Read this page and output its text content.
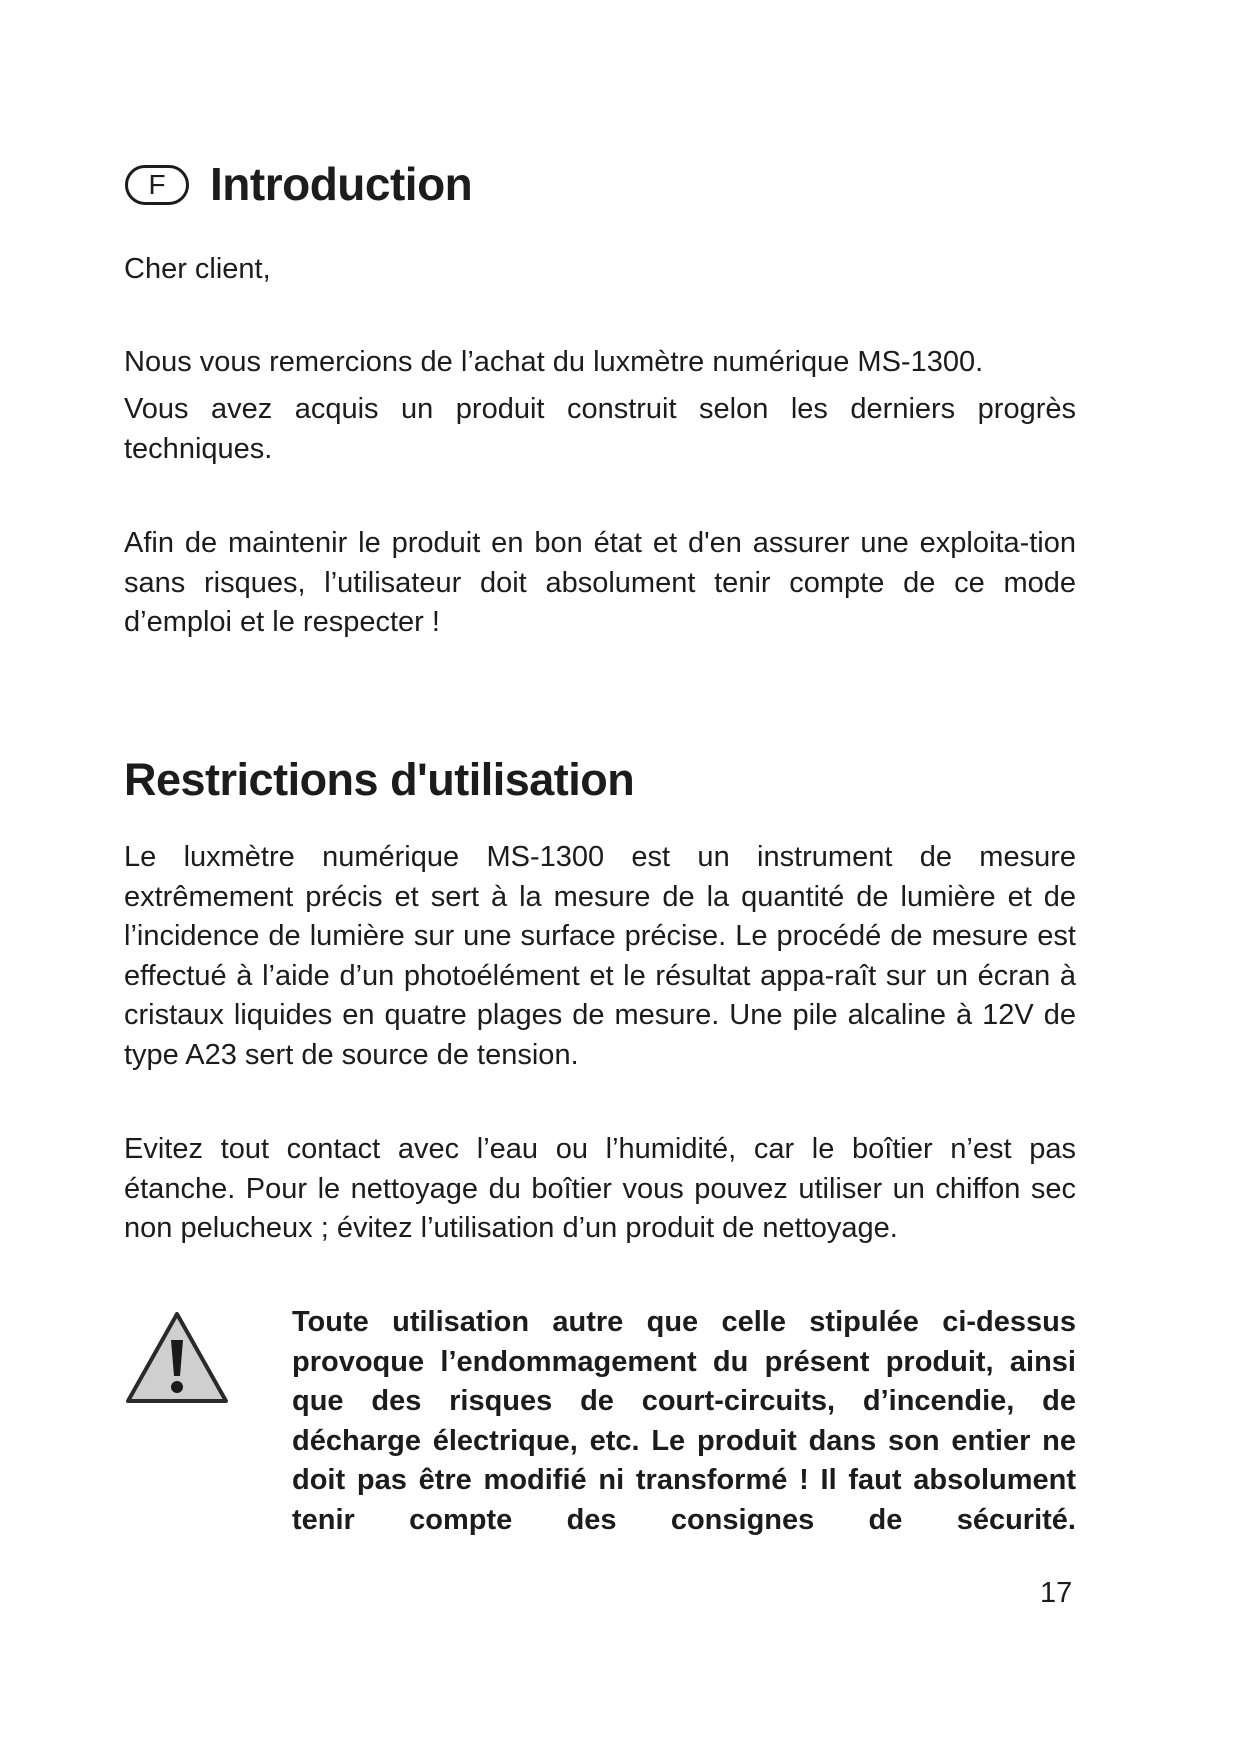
F Introduction

Cher client,

Nous vous remercions de l’achat du luxmètre numérique MS-1300.

Vous avez acquis un produit construit selon les derniers progrès techniques.

Afin de maintenir le produit en bon état et d'en assurer une exploita-tion sans risques, l’utilisateur doit absolument tenir compte de ce mode d’emploi et le respecter !

Restrictions d'utilisation

Le luxmètre numérique MS-1300 est un instrument de mesure extrêmement précis et sert à la mesure de la quantité de lumière et de l’incidence de lumière sur une surface précise. Le procédé de mesure est effectué à l’aide d’un photoélément et le résultat appa-raît sur un écran à cristaux liquides en quatre plages de mesure. Une pile alcaline à 12V de type A23 sert de source de tension.

Evitez tout contact avec l’eau ou l’humidité, car le boîtier n’est pas étanche. Pour le nettoyage du boîtier vous pouvez utiliser un chiffon sec non pelucheux ; évitez l’utilisation d’un produit de nettoyage.

Toute utilisation autre que celle stipulée ci-dessus provoque l’endommagement du présent produit, ainsi que des risques de court-circuits, d’incendie, de décharge électrique, etc. Le produit dans son entier ne doit pas être modifié ni transformé ! Il faut absolument tenir compte des consignes de sécurité.

17
